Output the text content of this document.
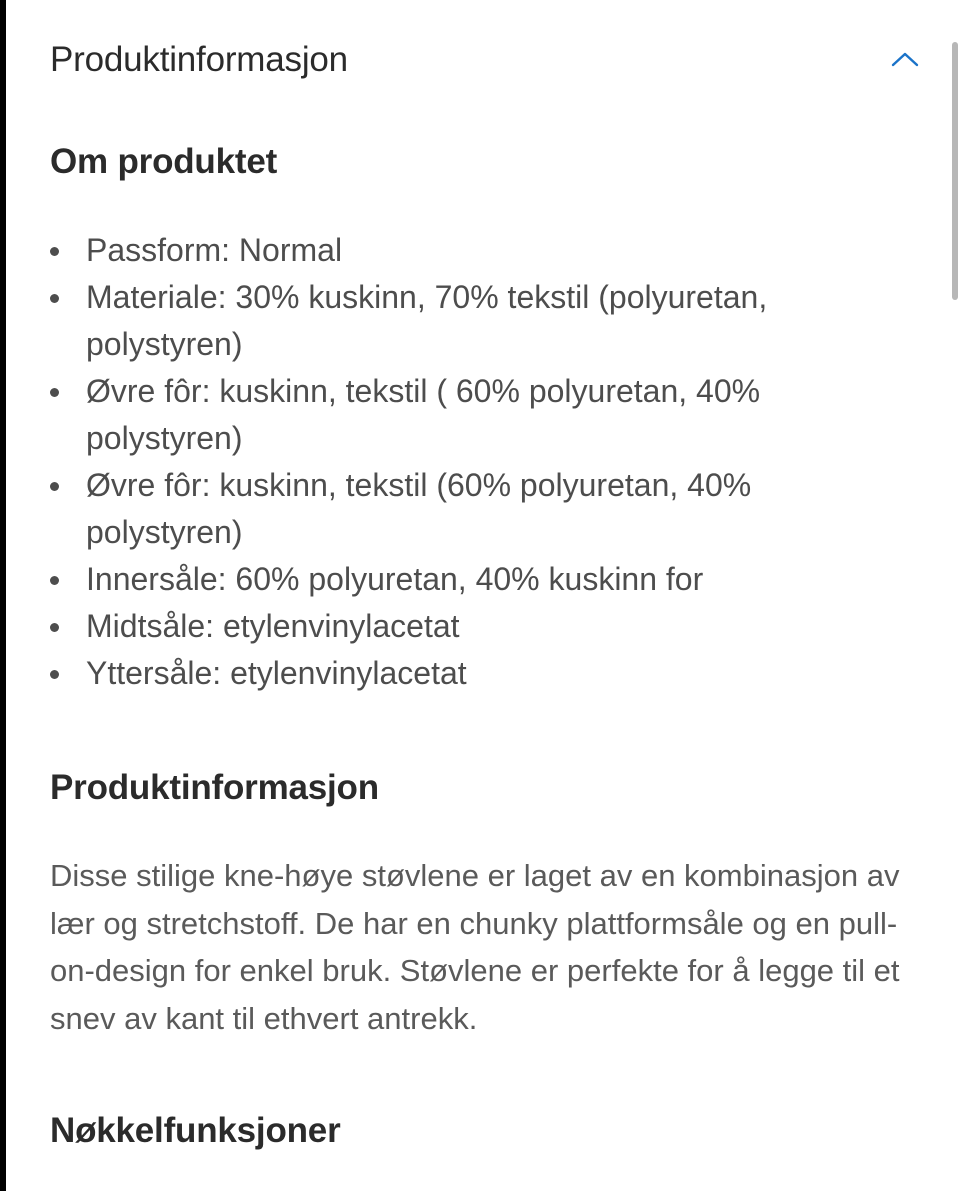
Produktinformasjon
Om produktet
Passform: Normal
Materiale: 30% kuskinn, 70% tekstil (polyuretan, polystyren)
Øvre fôr: kuskinn, tekstil ( 60% polyuretan, 40% polystyren)
Øvre fôr: kuskinn, tekstil (60% polyuretan, 40% polystyren)
Innersåle: 60% polyuretan, 40% kuskinn for
Midtsåle: etylenvinylacetat
Yttersåle: etylenvinylacetat
Produktinformasjon

Disse stilige kne-høye støvlene er laget av en kombinasjon av lær og stretchstoff. De har en chunky plattformsåle og en pull-on-design for enkel bruk. Støvlene er perfekte for å legge til et snev av kant til ethvert antrekk.

Nøkkelfunksjoner
